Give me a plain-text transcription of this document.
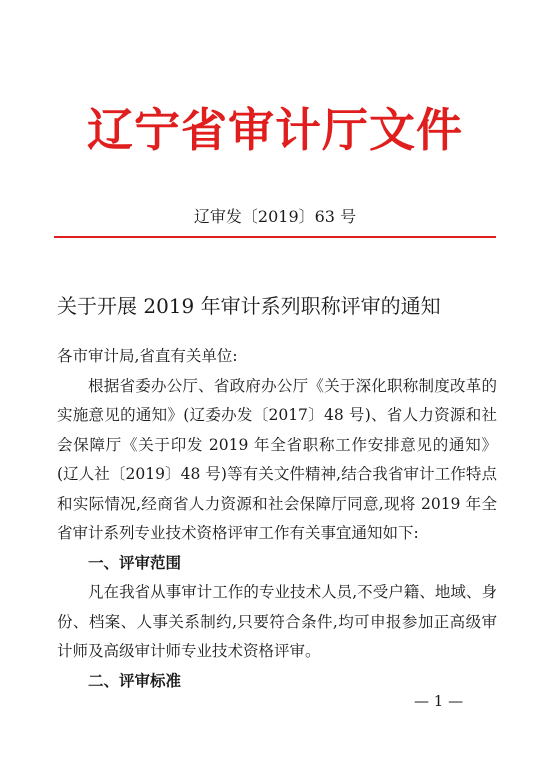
辽宁省审计厅文件
辽审发〔2019〕63 号
关于开展 2019 年审计系列职称评审的通知

各市审计局,省直有关单位:

根据省委办公厅、省政府办公厅《关于深化职称制度改革的实施意见的通知》(辽委办发〔2017〕48 号)、省人力资源和社会保障厅《关于印发 2019 年全省职称工作安排意见的通知》(辽人社〔2019〕48 号)等有关文件精神,结合我省审计工作特点和实际情况,经商省人力资源和社会保障厅同意,现将 2019 年全省审计系列专业技术资格评审工作有关事宜通知如下:

一、评审范围

凡在我省从事审计工作的专业技术人员,不受户籍、地域、身份、档案、人事关系制约,只要符合条件,均可申报参加正高级审计师及高级审计师专业技术资格评审。

二、评审标准

— 1 —
